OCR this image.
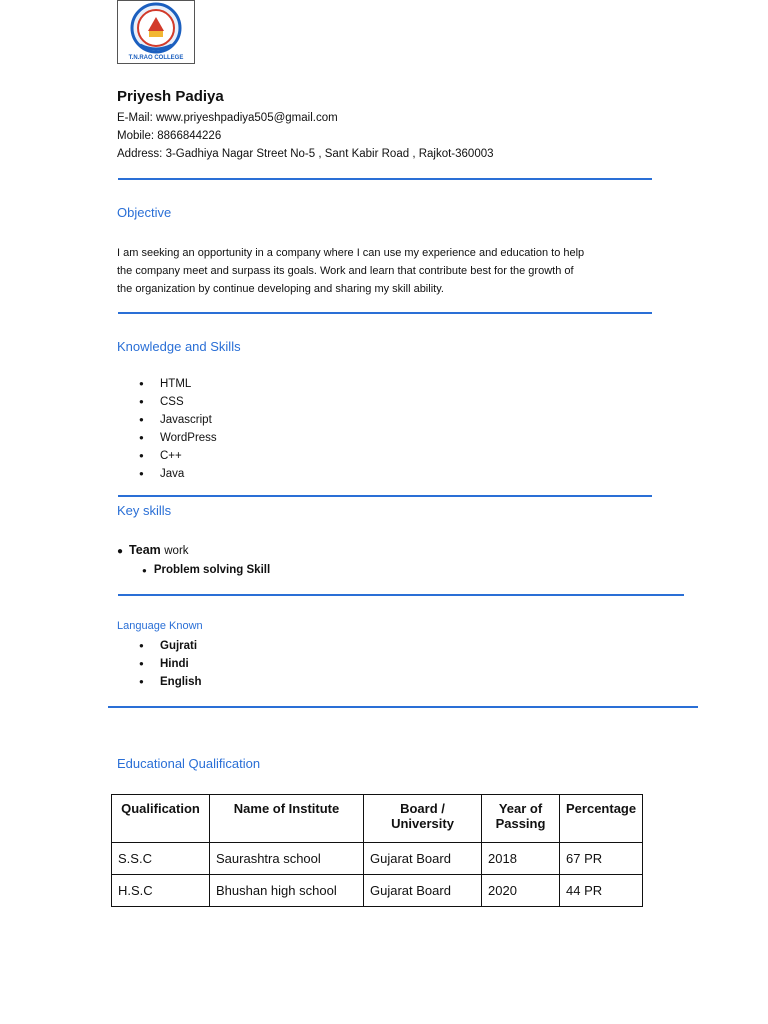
T.N.RAO COLLEGE
Priyesh Padiya
E-Mail: www.priyeshpadiya505@gmail.com
Mobile: 8866844226
Address: 3-Gadhiya Nagar Street No-5 , Sant Kabir Road , Rajkot-360003
Objective
I am seeking an opportunity in a company where I can use my experience and education to help
the company meet and surpass its goals. Work and learn that contribute best for the growth of
the organization by continue developing and sharing my skill ability.
Knowledge and Skills
● HTML
● CSS
● Javascript
● WordPress
● C++
● Java
Key skills
● Team work
● Problem solving Skill
Language Known
● Gujrati
● Hindi
● English
Educational Qualification
Qualification	Name of Institute	Board / University	Year of Passing	Percentage
S.S.C	Saurashtra school	Gujarat Board	2018	67 PR
H.S.C	Bhushan high school	Gujarat Board	2020	44 PR
